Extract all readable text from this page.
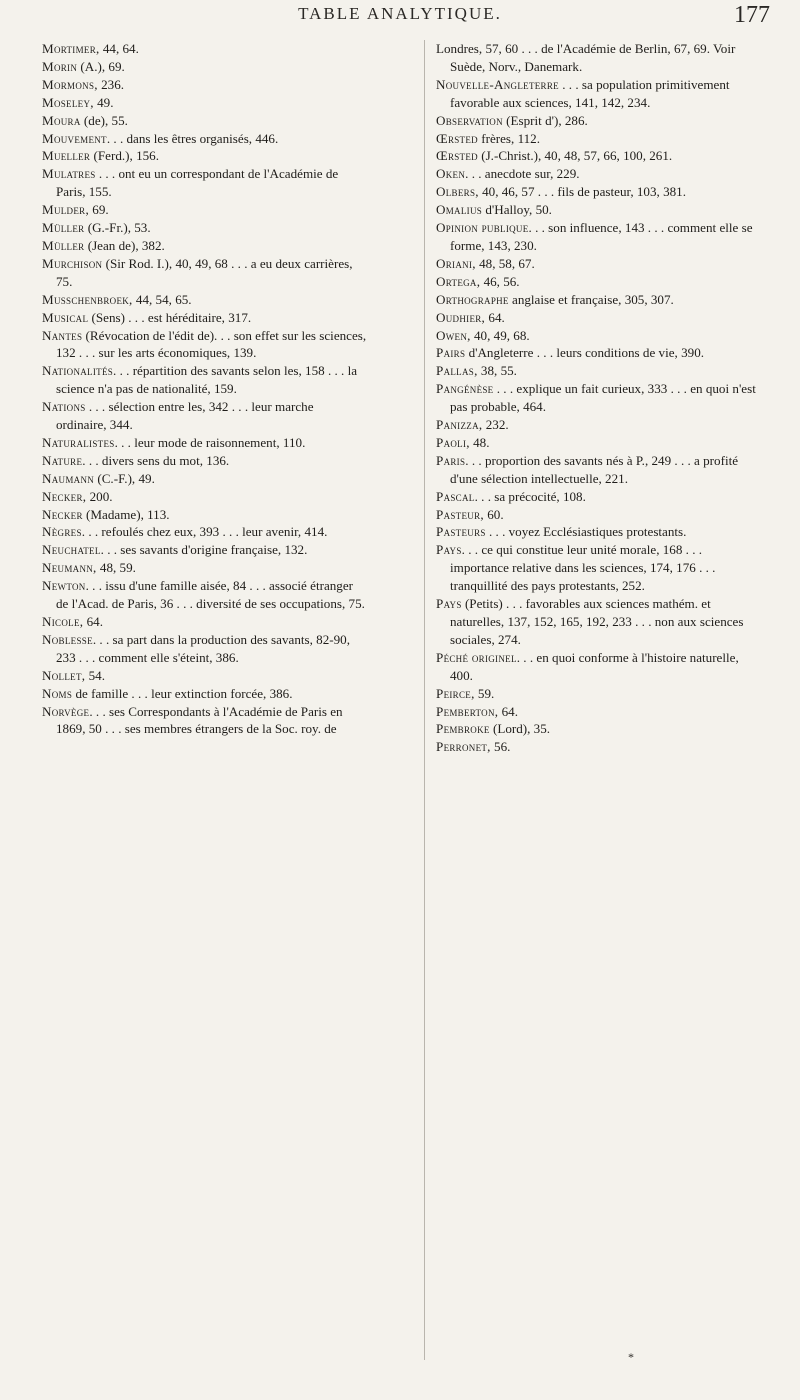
TABLE ANALYTIQUE.	177

Mortimer, 44, 64.

Morin (A.), 69.

Mormons, 236.

Moseley, 49.

Moura (de), 55.

Mouvement. . . dans les êtres organisés, 446.

Mueller (Ferd.), 156.

Mulatres . . . ont eu un correspondant de l'Académie de Paris, 155.

Mulder, 69.

Müller (G.-Fr.), 53.

Müller (Jean de), 382.

Murchison (Sir Rod. I.), 40, 49, 68 . . . a eu deux carrières, 75.

Musschenbroek, 44, 54, 65.

Musical (Sens) . . . est héréditaire, 317.

Nantes (Révocation de l'édit de). . . son effet sur les sciences, 132 . . . sur les arts économiques, 139.

Nationalités. . . répartition des savants selon les, 158 . . . la science n'a pas de nationalité, 159.

Nations . . . sélection entre les, 342 . . . leur marche ordinaire, 344.

Naturalistes. . . leur mode de raisonnement, 110.

Nature. . . divers sens du mot, 136.

Naumann (C.-F.), 49.

Necker, 200.

Necker (Madame), 113.

Nègres. . . refoulés chez eux, 393 . . . leur avenir, 414.

Neuchatel. . . ses savants d'origine française, 132.

Neumann, 48, 59.

Newton. . . issu d'une famille aisée, 84 . . . associé étranger de l'Acad. de Paris, 36 . . . diversité de ses occupations, 75.

Nicole, 64.

Noblesse. . . sa part dans la production des savants, 82-90, 233 . . . comment elle s'éteint, 386.

Nollet, 54.

Noms de famille . . . leur extinction forcée, 386.

Norvège. . . ses Correspondants à l'Académie de Paris en 1869, 50 . . . ses membres étrangers de la Soc. roy. de

Londres, 57, 60 . . . de l'Académie de Berlin, 67, 69. Voir Suède, Norv., Danemark.

Nouvelle-Angleterre . . . sa population primitivement favorable aux sciences, 141, 142, 234.

Observation (Esprit d'), 286.

Œrsted frères, 112.

Œrsted (J.-Christ.), 40, 48, 57, 66, 100, 261.

Oken. . . anecdote sur, 229.

Olbers, 40, 46, 57 . . . fils de pasteur, 103, 381.

Omalius d'Halloy, 50.

Opinion publique. . . son influence, 143 . . . comment elle se forme, 143, 230.

Oriani, 48, 58, 67.

Ortega, 46, 56.

Orthographe anglaise et française, 305, 307.

Oudhier, 64.

Owen, 40, 49, 68.

Pairs d'Angleterre . . . leurs conditions de vie, 390.

Pallas, 38, 55.

Pangénèse . . . explique un fait curieux, 333 . . . en quoi n'est pas probable, 464.

Panizza, 232.

Paoli, 48.

Paris. . . proportion des savants nés à P., 249 . . . a profité d'une sélection intellectuelle, 221.

Pascal. . . sa précocité, 108.

Pasteur, 60.

Pasteurs . . . voyez Ecclésiastiques protestants.

Pays. . . ce qui constitue leur unité morale, 168 . . . importance relative dans les sciences, 174, 176 . . . tranquillité des pays protestants, 252.

Pays (Petits) . . . favorables aux sciences mathém. et naturelles, 137, 152, 165, 192, 233 . . . non aux sciences sociales, 274.

Péché originel. . . en quoi conforme à l'histoire naturelle, 400.

Peirce, 59.

Pemberton, 64.

Pembroke (Lord), 35.

Perronet, 56.

*
